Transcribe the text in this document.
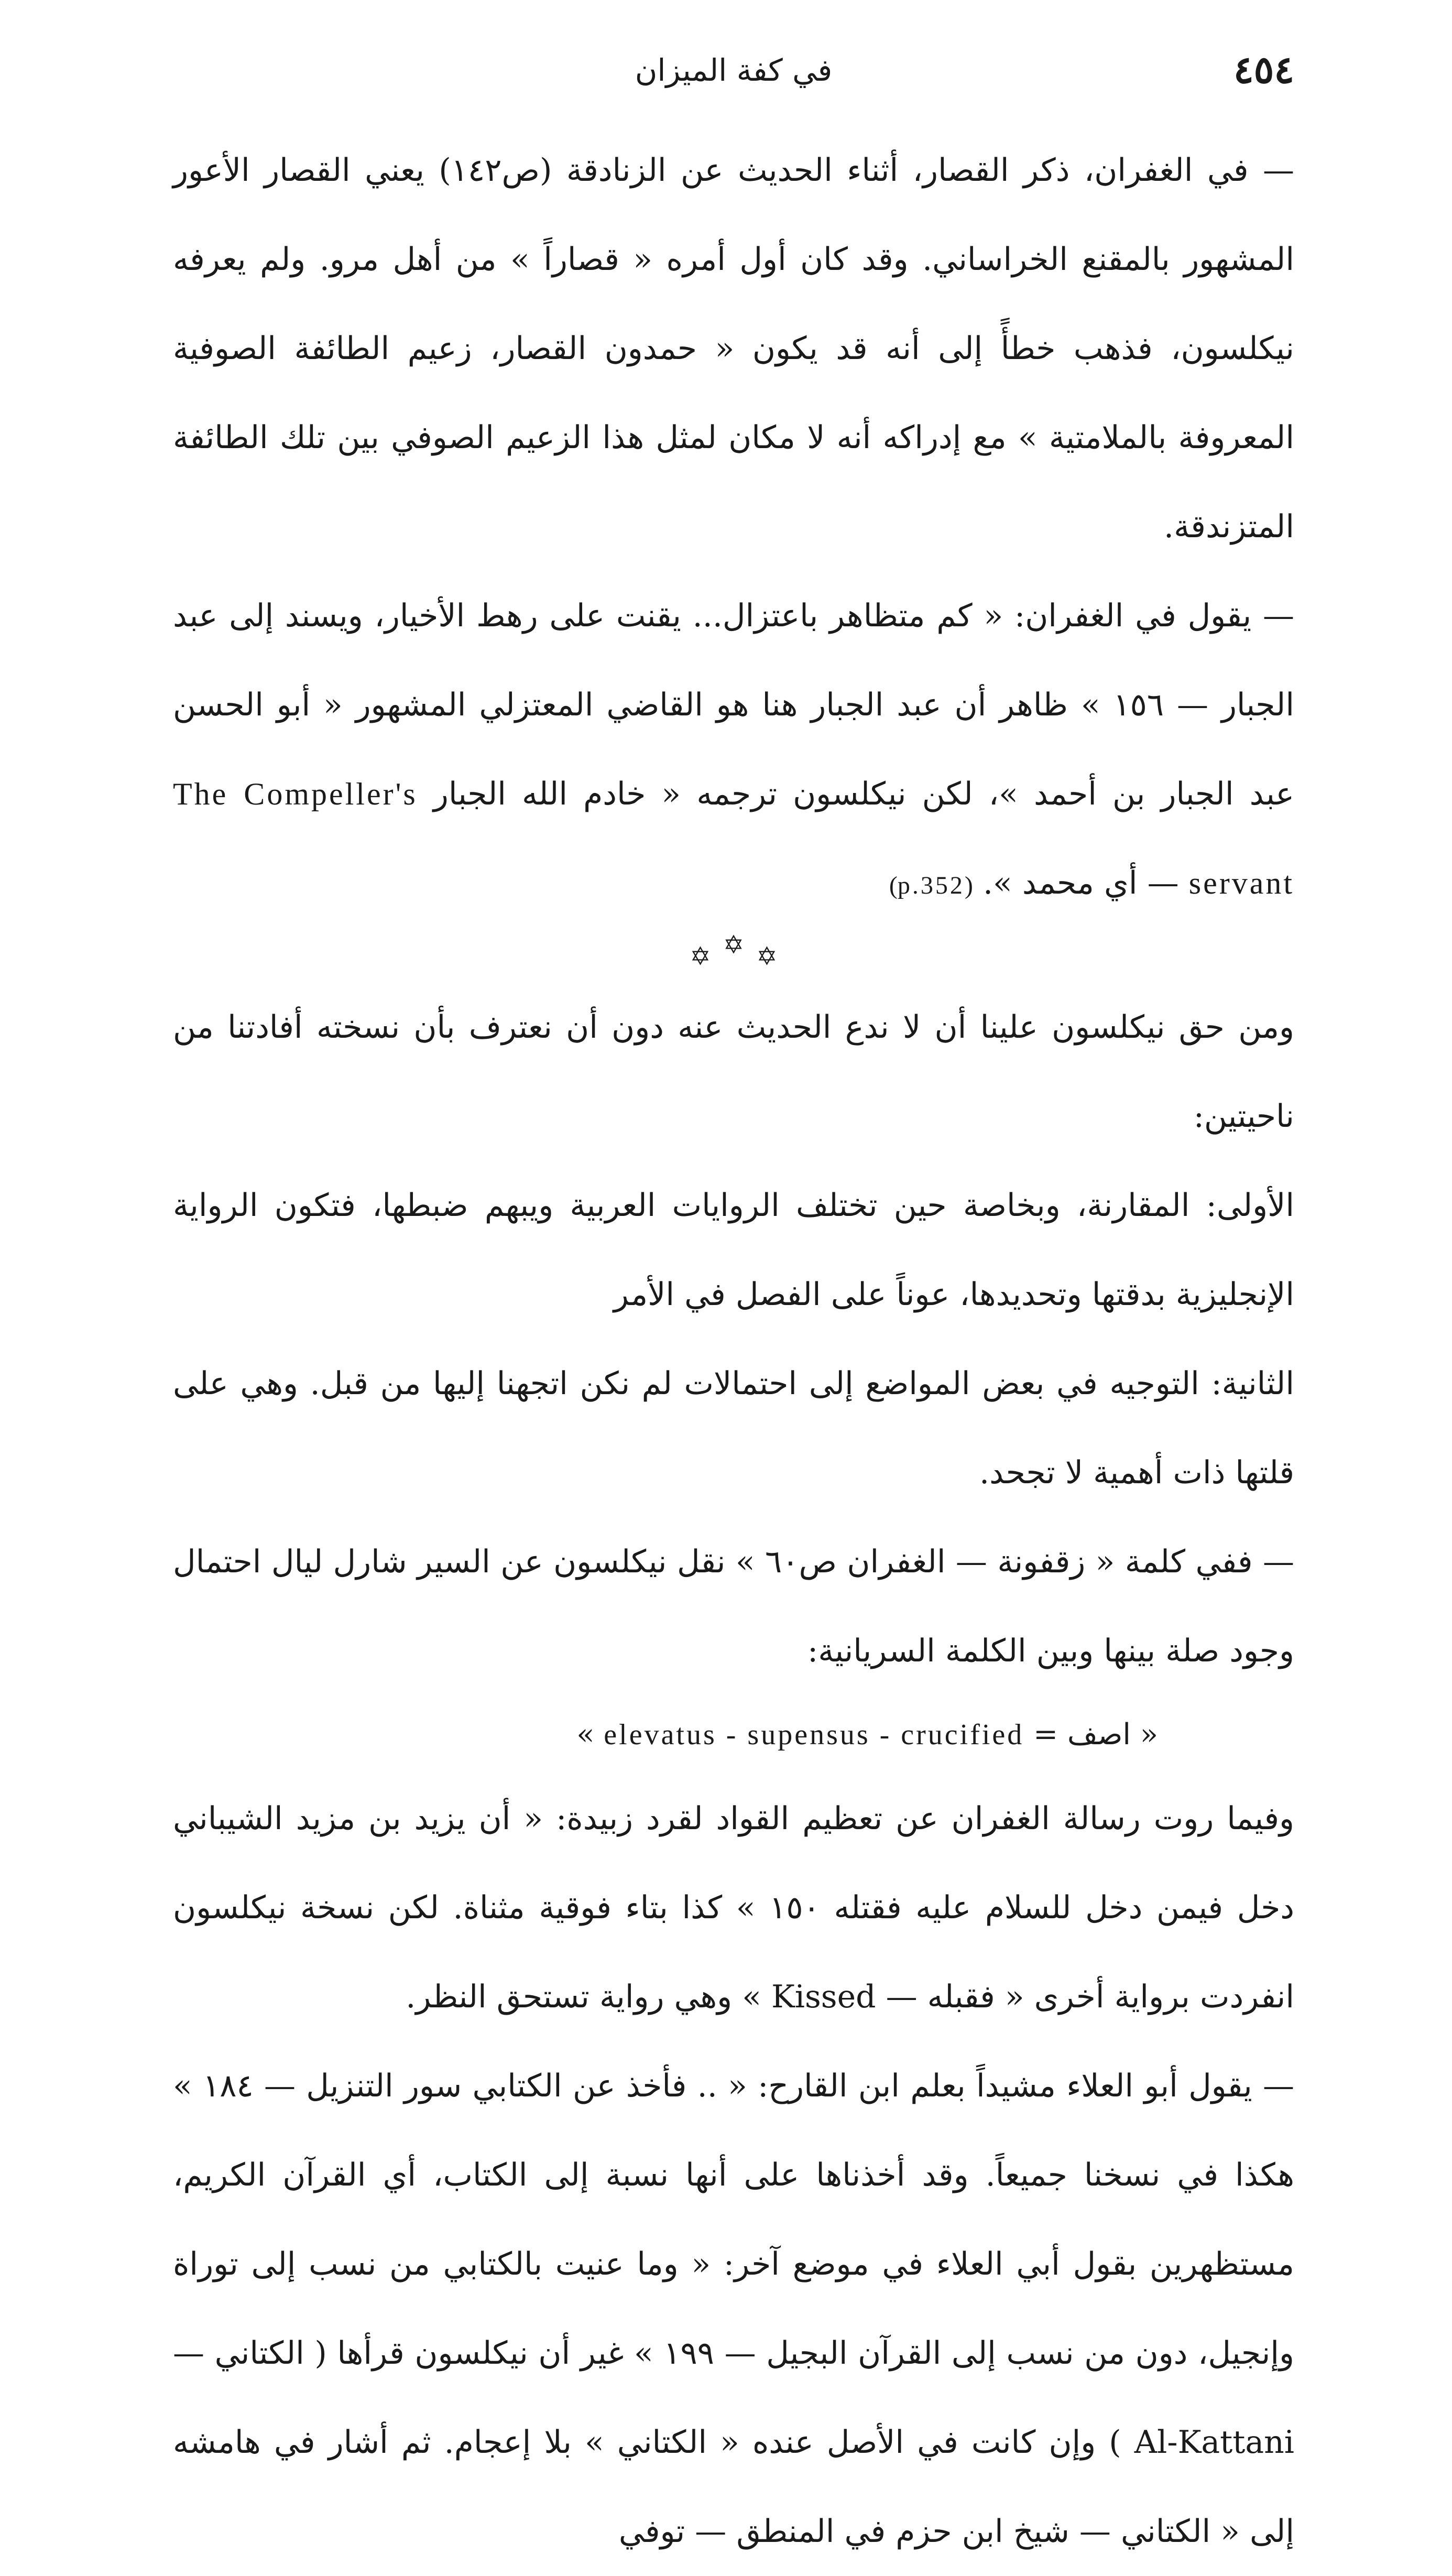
٤٥٤
في كفة الميزان

— في الغفران، ذكر القصار، أثناء الحديث عن الزنادقة (ص١٤٢) يعني القصار الأعور المشهور بالمقنع الخراساني. وقد كان أول أمره « قصاراً » من أهل مرو. ولم يعرفه نيكلسون، فذهب خطأً إلى أنه قد يكون « حمدون القصار، زعيم الطائفة الصوفية المعروفة بالملامتية » مع إدراكه أنه لا مكان لمثل هذا الزعيم الصوفي بين تلك الطائفة المتزندقة.

— يقول في الغفران: « كم متظاهر باعتزال... يقنت على رهط الأخيار، ويسند إلى عبد الجبار — ١٥٦ » ظاهر أن عبد الجبار هنا هو القاضي المعتزلي المشهور « أبو الحسن عبد الجبار بن أحمد »، لكن نيكلسون ترجمه « خادم الله الجبار The Compeller's servant — أي محمد ». (p.352)

✡ ✡ ✡

ومن حق نيكلسون علينا أن لا ندع الحديث عنه دون أن نعترف بأن نسخته أفادتنا من ناحيتين:

الأولى: المقارنة، وبخاصة حين تختلف الروايات العربية ويبهم ضبطها، فتكون الرواية الإنجليزية بدقتها وتحديدها، عوناً على الفصل في الأمر

الثانية: التوجيه في بعض المواضع إلى احتمالات لم نكن اتجهنا إليها من قبل. وهي على قلتها ذات أهمية لا تجحد.

— ففي كلمة « زقفونة — الغفران ص٦٠ » نقل نيكلسون عن السير شارل ليال احتمال وجود صلة بينها وبين الكلمة السريانية:

« elevatus - supensus - crucified = اصف »

وفيما روت رسالة الغفران عن تعظيم القواد لقرد زبيدة: « أن يزيد بن مزيد الشيباني دخل فيمن دخل للسلام عليه فقتله ١٥٠ » كذا بتاء فوقية مثناة. لكن نسخة نيكلسون انفردت برواية أخرى « فقبله — Kissed » وهي رواية تستحق النظر.

— يقول أبو العلاء مشيداً بعلم ابن القارح: « .. فأخذ عن الكتابي سور التنزيل — ١٨٤ » هكذا في نسخنا جميعاً. وقد أخذناها على أنها نسبة إلى الكتاب، أي القرآن الكريم، مستظهرين بقول أبي العلاء في موضع آخر: « وما عنيت بالكتابي من نسب إلى توراة وإنجيل، دون من نسب إلى القرآن البجيل — ١٩٩ » غير أن نيكلسون قرأها ( الكتاني — Al-Kattani ) وإن كانت في الأصل عنده « الكتاني » بلا إعجام. ثم أشار في هامشه إلى « الكتاني — شيخ ابن حزم في المنطق — توفي
